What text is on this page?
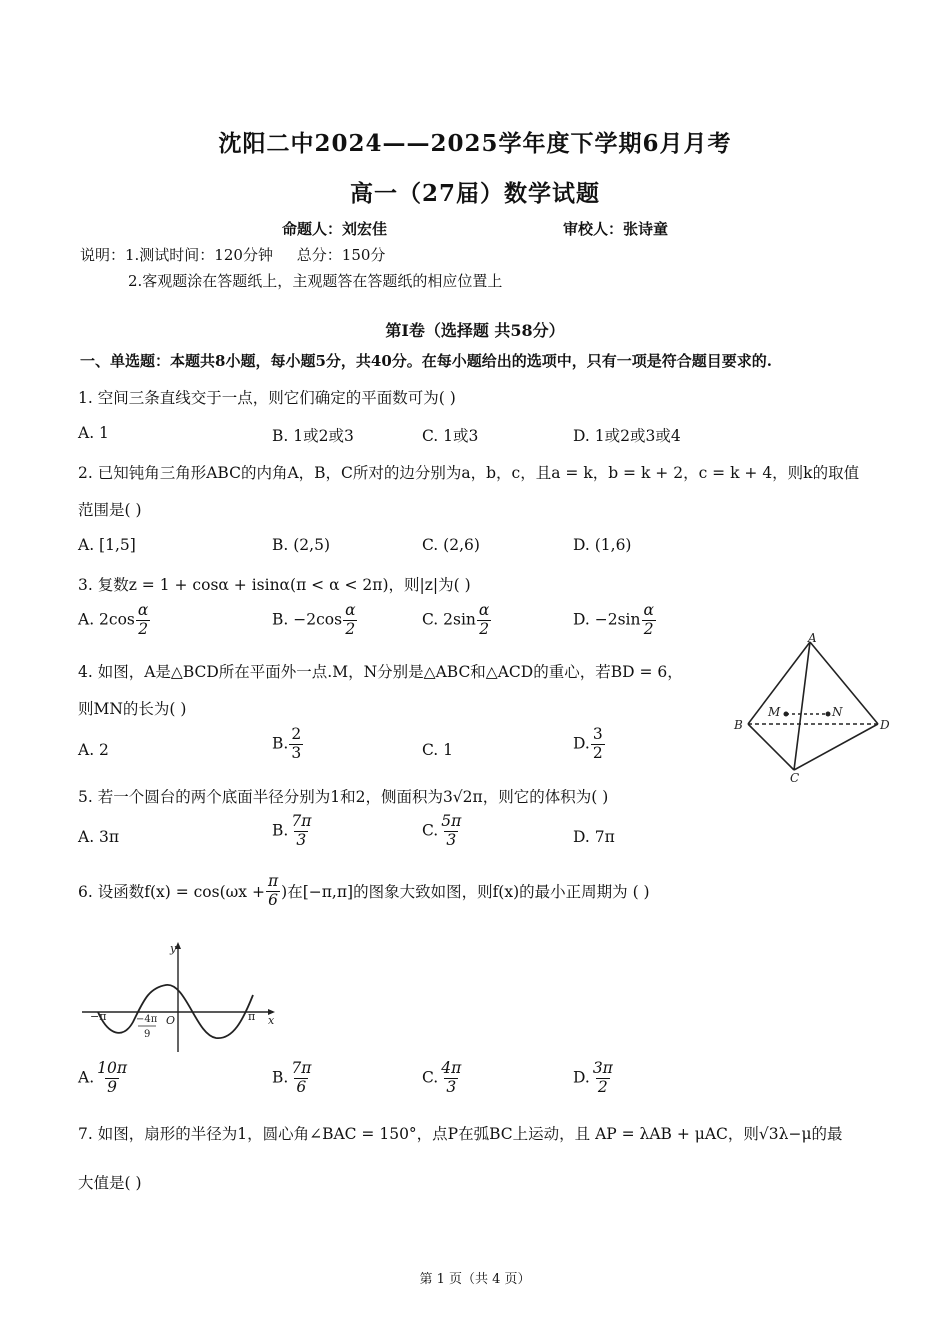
沈阳二中2024——2025学年度下学期6月月考
高一（27届）数学试题
命题人：刘宏佳	审校人：张诗童
说明：1.测试时间：120分钟     总分：150分
2.客观题涂在答题纸上，主观题答在答题纸的相应位置上
第Ⅰ卷（选择题 共58分）
一、单选题：本题共8小题，每小题5分，共40分。在每小题给出的选项中，只有一项是符合题目要求的.
1. 空间三条直线交于一点，则它们确定的平面数可为( )
A. 1	B. 1或2或3	C. 1或3	D. 1或2或3或4
2. 已知钝角三角形ABC的内角A，B，C所对的边分别为a，b，c，且a = k，b = k + 2，c = k + 4，则k的取值
范围是( )
A. [1,5]	B. (2,5)	C. (2,6)	D. (1,6)
3. 复数z = 1 + cosα + isinα(π < α < 2π)，则|z|为( )
A. $2\cos \frac{\alpha}{2}$	B. $-2\cos \frac{\alpha}{2}$	C. $2\sin \frac{\alpha}{2}$	D. $-2\sin \frac{\alpha}{2}$
4. 如图，A是△BCD所在平面外一点.M，N分别是△ABC和△ACD的重心，若BD = 6，
则MN的长为( )
A. 2	B. $\frac{2}{3}$	C. 1	D. $\frac{3}{2}$
A
B
C
D
M	N
5. 若一个圆台的两个底面半径分别为1和2，侧面积为3√2π，则它的体积为( )
A. 3π	B. $\frac{7\pi}{3}$	C. $\frac{5\pi}{3}$	D. 7π
6. 设函数$f(x) = \cos(\omega x + \frac{\pi}{6}$ )在[−π,π]的图象大致如图，则f(x)的最小正周期为 ( )
y
x
O
−π	π
−4π
9
A. $\frac{10\pi}{9}$	B. $\frac{7\pi}{6}$	C. $\frac{4\pi}{3}$	D. $\frac{3\pi}{2}$
7. 如图，扇形的半径为1，圆心角∠BAC = 150°，点P在弧BC上运动，且 AP = λAB + μAC，则√3λ−μ的最
大值是( )
第 1 页（共 4 页）
